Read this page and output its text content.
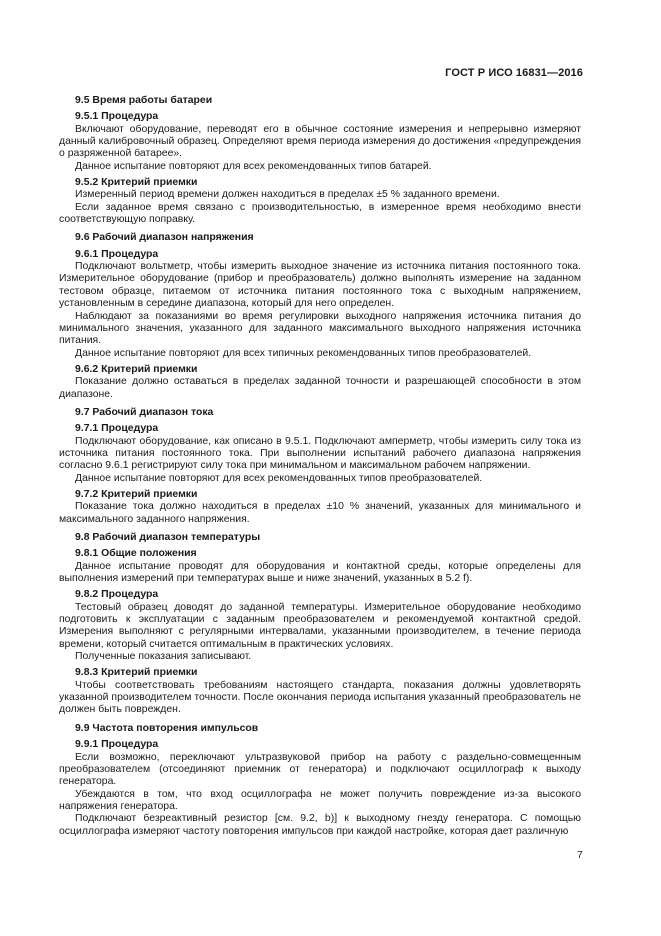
ГОСТ Р ИСО 16831—2016

9.5 Время работы батареи

9.5.1 Процедура

Включают оборудование, переводят его в обычное состояние измерения и непрерывно измеряют данный калибровочный образец. Определяют время периода измерения до достижения «предупреждения о разряженной батарее».

Данное испытание повторяют для всех рекомендованных типов батарей.

9.5.2 Критерий приемки

Измеренный период времени должен находиться в пределах ±5 % заданного времени.

Если заданное время связано с производительностью, в измеренное время необходимо внести соответствующую поправку.

9.6 Рабочий диапазон напряжения

9.6.1 Процедура

Подключают вольтметр, чтобы измерить выходное значение из источника питания постоянного тока. Измерительное оборудование (прибор и преобразователь) должно выполнять измерение на заданном тестовом образце, питаемом от источника питания постоянного тока с выходным напряжением, установленным в середине диапазона, который для него определен.

Наблюдают за показаниями во время регулировки выходного напряжения источника питания до минимального значения, указанного для заданного максимального выходного напряжения источника питания.

Данное испытание повторяют для всех типичных рекомендованных типов преобразователей.

9.6.2 Критерий приемки

Показание должно оставаться в пределах заданной точности и разрешающей способности в этом диапазоне.

9.7 Рабочий диапазон тока

9.7.1 Процедура

Подключают оборудование, как описано в 9.5.1. Подключают амперметр, чтобы измерить силу тока из источника питания постоянного тока. При выполнении испытаний рабочего диапазона напряжения согласно 9.6.1 регистрируют силу тока при минимальном и максимальном рабочем напряжении.

Данное испытание повторяют для всех рекомендованных типов преобразователей.

9.7.2 Критерий приемки

Показание тока должно находиться в пределах ±10 % значений, указанных для минимального и максимального заданного напряжения.

9.8 Рабочий диапазон температуры

9.8.1 Общие положения

Данное испытание проводят для оборудования и контактной среды, которые определены для выполнения измерений при температурах выше и ниже значений, указанных в 5.2 f).

9.8.2 Процедура

Тестовый образец доводят до заданной температуры. Измерительное оборудование необходимо подготовить к эксплуатации с заданным преобразователем и рекомендуемой контактной средой. Измерения выполняют с регулярными интервалами, указанными производителем, в течение периода времени, который считается оптимальным в практических условиях.

Полученные показания записывают.

9.8.3 Критерий приемки

Чтобы соответствовать требованиям настоящего стандарта, показания должны удовлетворять указанной производителем точности. После окончания периода испытания указанный преобразователь не должен быть поврежден.

9.9 Частота повторения импульсов

9.9.1 Процедура

Если возможно, переключают ультразвуковой прибор на работу с раздельно-совмещенным преобразователем (отсоединяют приемник от генератора) и подключают осциллограф к выходу генератора.

Убеждаются в том, что вход осциллографа не может получить повреждение из-за высокого напряжения генератора.

Подключают безреактивный резистор [см. 9.2, b)] к выходному гнезду генератора. С помощью осциллографа измеряют частоту повторения импульсов при каждой настройке, которая дает различную

7
